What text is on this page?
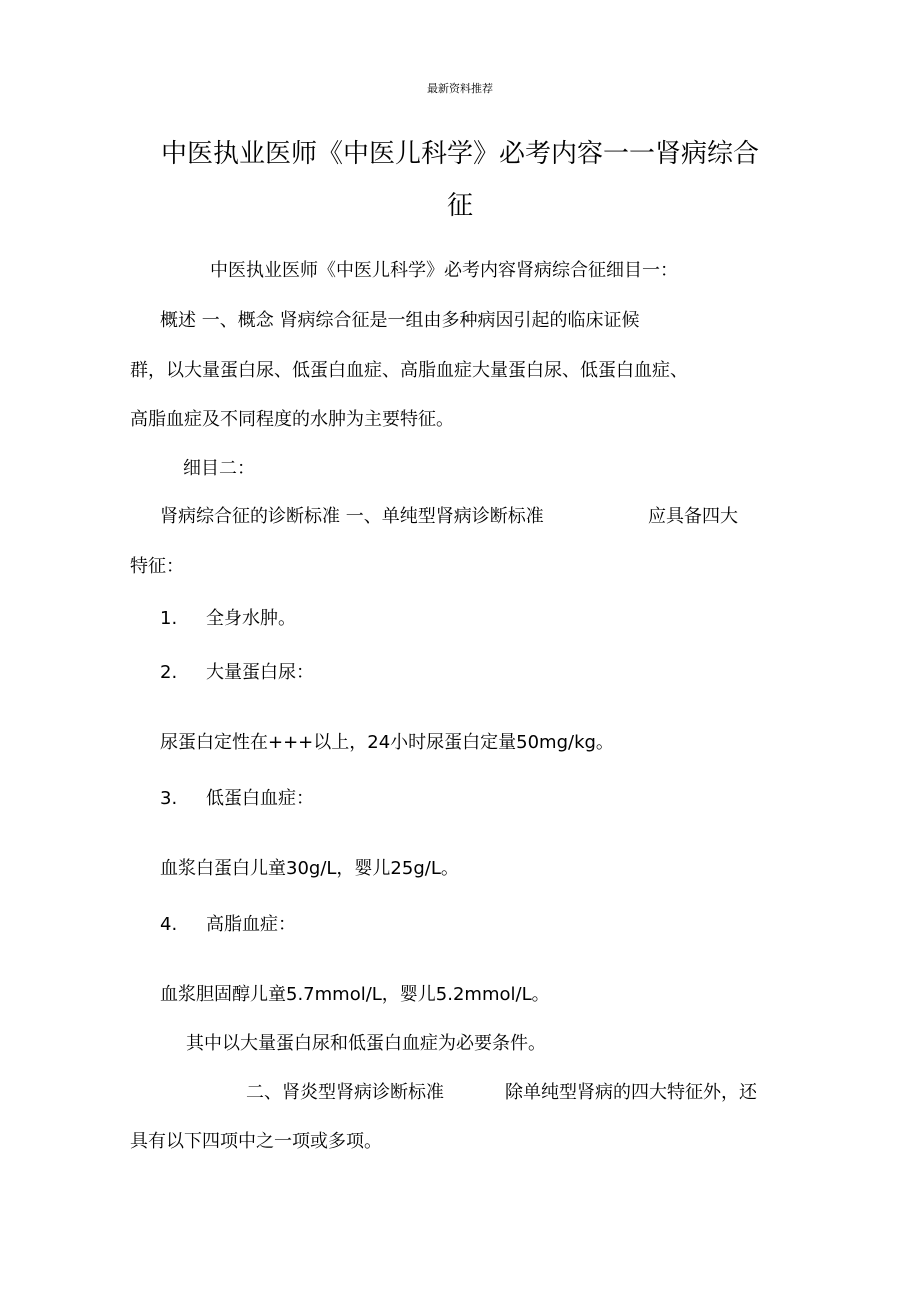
最新资料推荐
中医执业医师《中医儿科学》必考内容一一肾病综合
征
中医执业医师《中医儿科学》必考内容肾病综合征细目一：
概述 一、概念 肾病综合征是一组由多种病因引起的临床证候
群，以大量蛋白尿、低蛋白血症、高脂血症大量蛋白尿、低蛋白血症、
高脂血症及不同程度的水肿为主要特征。
细目二：
肾病综合征的诊断标准 一、单纯型肾病诊断标准	应具备四大
特征：
1. 全身水肿。
2. 大量蛋白尿：
尿蛋白定性在+++以上，24小时尿蛋白定量50mg/kg。
3. 低蛋白血症：
血浆白蛋白儿童30g/L，婴儿25g/L。
4. 高脂血症：
血浆胆固醇儿童5.7mmol/L，婴儿5.2mmol/L。
其中以大量蛋白尿和低蛋白血症为必要条件。
二、肾炎型肾病诊断标准	除单纯型肾病的四大特征外，还
具有以下四项中之一项或多项。
